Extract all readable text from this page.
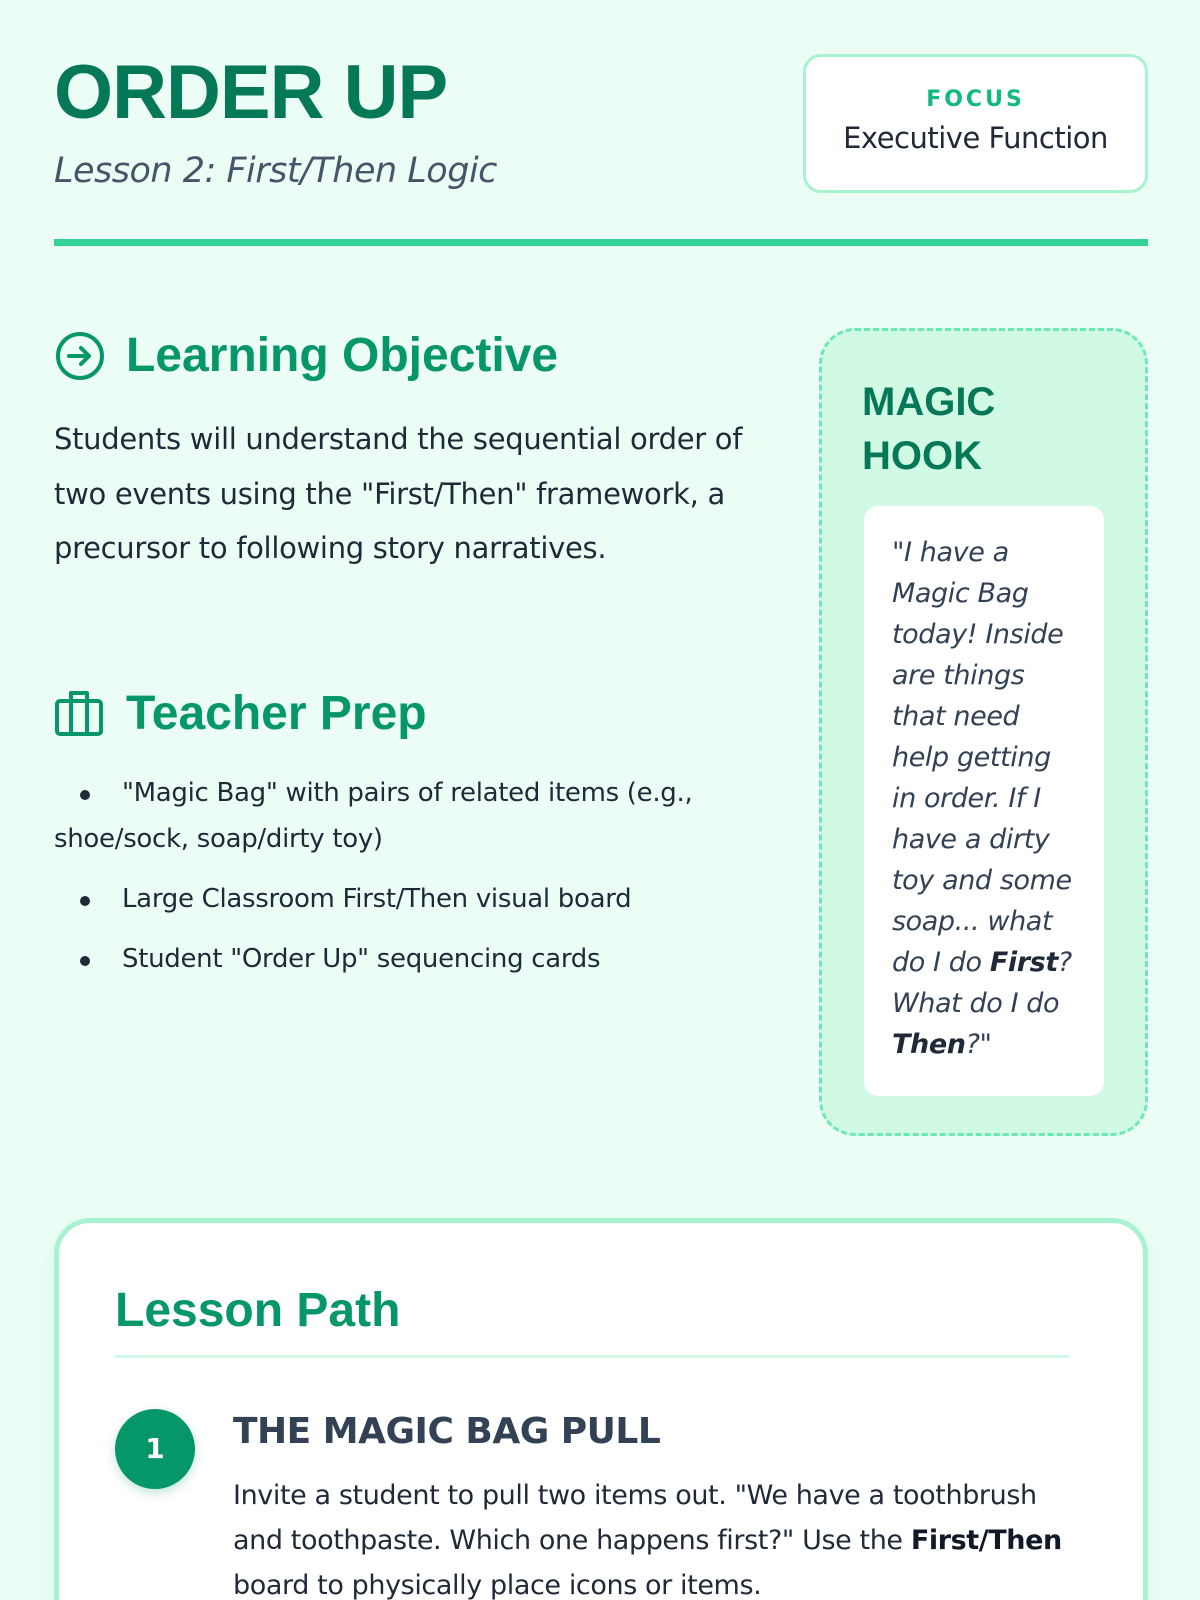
ORDER UP

Lesson 2: First/Then Logic

FOCUS
Executive Function
Learning Objective

Students will understand the sequential order of two events using the "First/Then" framework, a precursor to following story narratives.

Teacher Prep
"Magic Bag" with pairs of related items (e.g., shoe/sock, soap/dirty toy)
Large Classroom First/Then visual board
Student "Order Up" sequencing cards
MAGIC HOOK

"I have a Magic Bag today! Inside are things that need help getting in order. If I have a dirty toy and some soap... what do I do First? What do I do Then?"

Lesson Path
1	THE MAGIC BAG PULL

Invite a student to pull two items out. "We have a toothbrush and toothpaste. Which one happens first?" Use the First/Then board to physically place icons or items.
